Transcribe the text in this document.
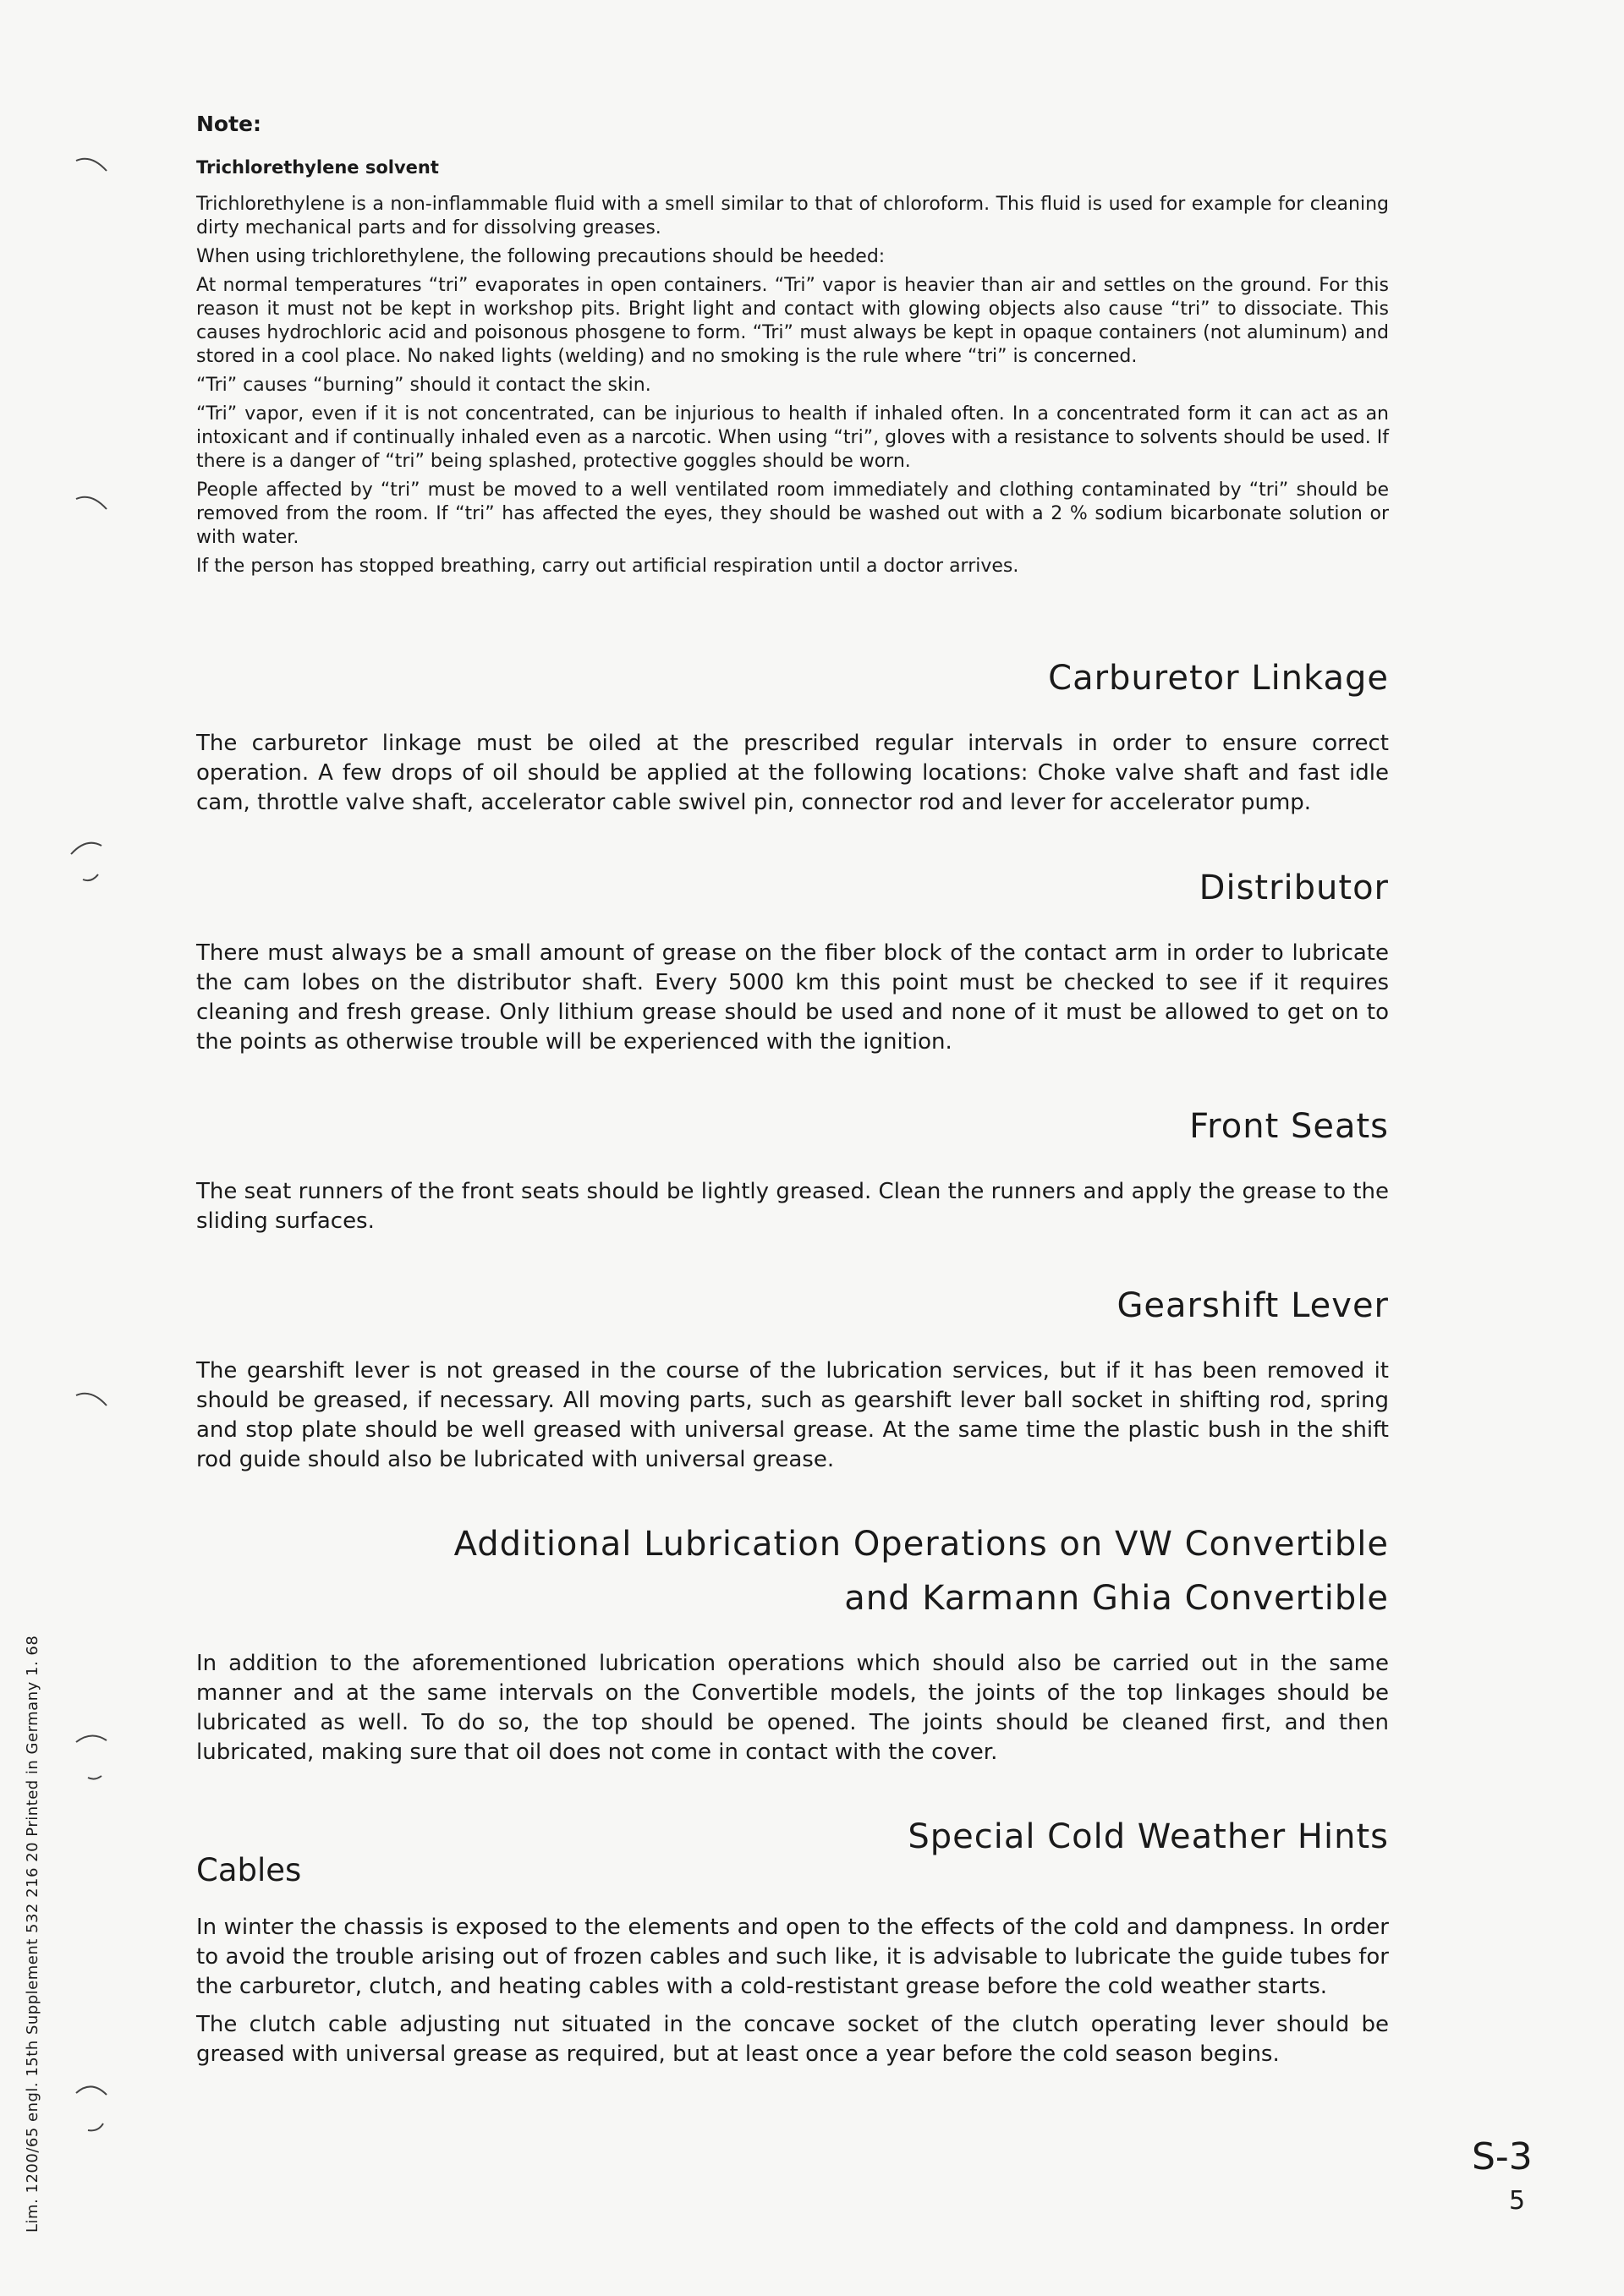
Note:

Trichlorethylene solvent

Trichlorethylene is a non-inflammable fluid with a smell similar to that of chloroform. This fluid is used for example for cleaning dirty mechanical parts and for dissolving greases.

When using trichlorethylene, the following precautions should be heeded:

At normal temperatures “tri” evaporates in open containers. “Tri” vapor is heavier than air and settles on the ground. For this reason it must not be kept in workshop pits. Bright light and contact with glowing objects also cause “tri” to dissociate. This causes hydrochloric acid and poisonous phosgene to form. “Tri” must always be kept in opaque containers (not aluminum) and stored in a cool place. No naked lights (welding) and no smoking is the rule where “tri” is concerned.

“Tri” causes “burning” should it contact the skin.

“Tri” vapor, even if it is not concentrated, can be injurious to health if inhaled often. In a concentrated form it can act as an intoxicant and if continually inhaled even as a narcotic. When using “tri”, gloves with a resistance to solvents should be used. If there is a danger of “tri” being splashed, protective goggles should be worn.

People affected by “tri” must be moved to a well ventilated room immediately and clothing contaminated by “tri” should be removed from the room. If “tri” has affected the eyes, they should be washed out with a 2 % sodium bicarbonate solution or with water.

If the person has stopped breathing, carry out artificial respiration until a doctor arrives.

Carburetor Linkage

The carburetor linkage must be oiled at the prescribed regular intervals in order to ensure correct operation. A few drops of oil should be applied at the following locations: Choke valve shaft and fast idle cam, throttle valve shaft, accelerator cable swivel pin, connector rod and lever for accelerator pump.

Distributor

There must always be a small amount of grease on the fiber block of the contact arm in order to lubricate the cam lobes on the distributor shaft. Every 5000 km this point must be checked to see if it requires cleaning and fresh grease. Only lithium grease should be used and none of it must be allowed to get on to the points as otherwise trouble will be experienced with the ignition.

Front Seats

The seat runners of the front seats should be lightly greased. Clean the runners and apply the grease to the sliding surfaces.

Gearshift Lever

The gearshift lever is not greased in the course of the lubrication services, but if it has been removed it should be greased, if necessary. All moving parts, such as gearshift lever ball socket in shifting rod, spring and stop plate should be well greased with universal grease. At the same time the plastic bush in the shift rod guide should also be lubricated with universal grease.

Additional Lubrication Operations on VW Convertible
and Karmann Ghia Convertible

In addition to the aforementioned lubrication operations which should also be carried out in the same manner and at the same intervals on the Convertible models, the joints of the top linkages should be lubricated as well. To do so, the top should be opened. The joints should be cleaned first, and then lubricated, making sure that oil does not come in contact with the cover.

Special Cold Weather Hints
Cables

In winter the chassis is exposed to the elements and open to the effects of the cold and dampness. In order to avoid the trouble arising out of frozen cables and such like, it is advisable to lubricate the guide tubes for the carburetor, clutch, and heating cables with a cold-restistant grease before the cold weather starts.

The clutch cable adjusting nut situated in the concave socket of the clutch operating lever should be greased with universal grease as required, but at least once a year before the cold season begins.

S-3

5

Lim. 1200/65 engl. 15th Supplement 532 216 20 Printed in Germany 1. 68
